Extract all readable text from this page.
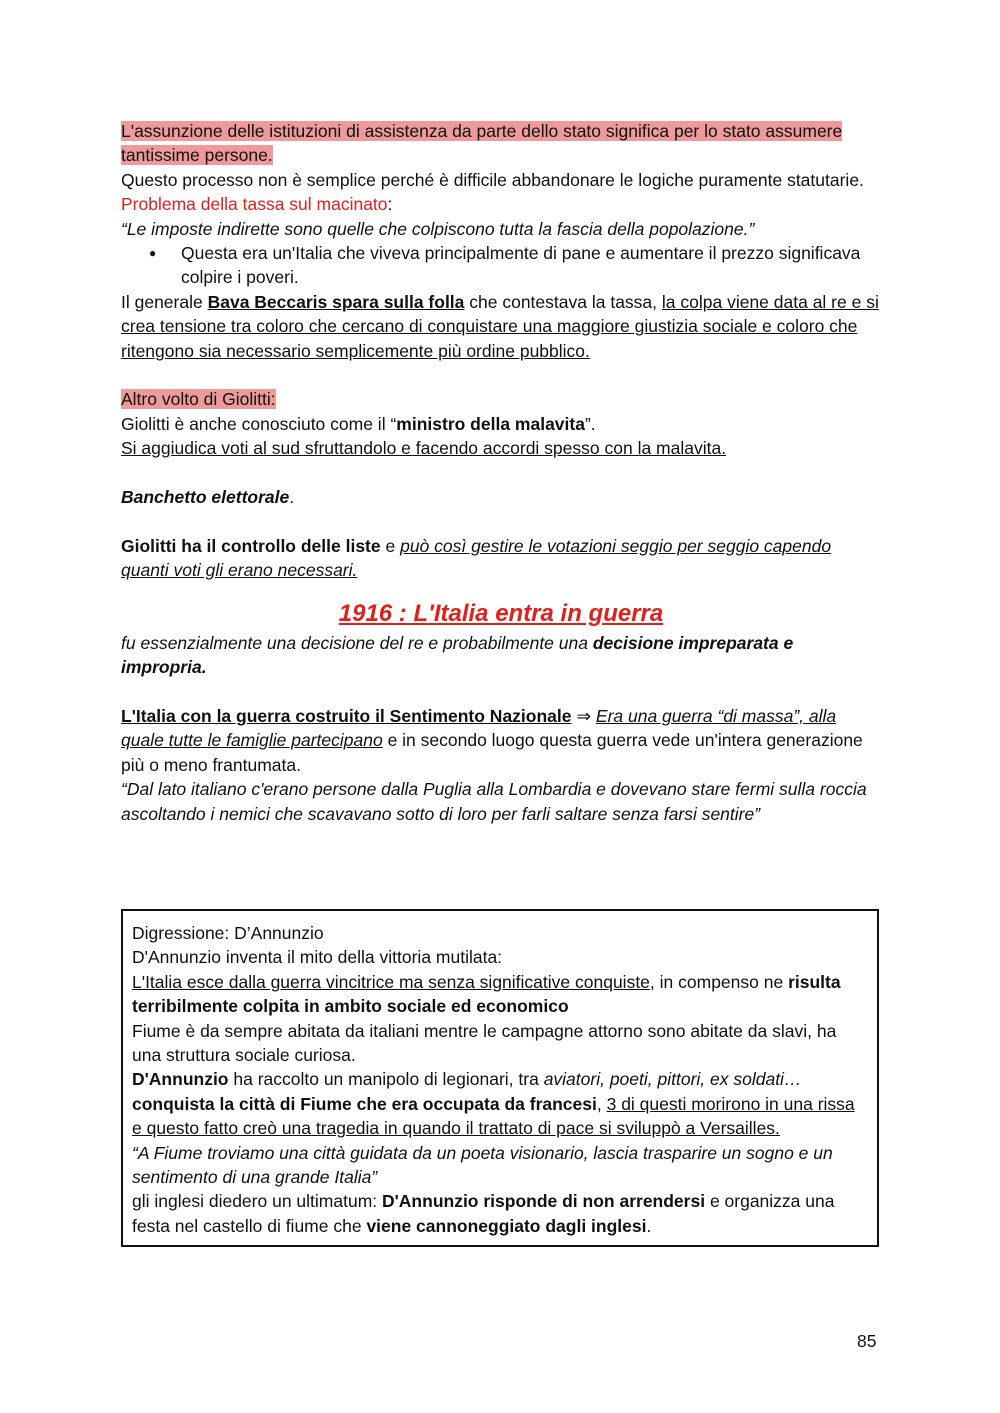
L'assunzione delle istituzioni di assistenza da parte dello stato significa per lo stato assumere tantissime persone.

Questo processo non è semplice perché è difficile abbandonare le logiche puramente statutarie.

Problema della tassa sul macinato:

“Le imposte indirette sono quelle che colpiscono tutta la fascia della popolazione.”

● Questa era un'Italia che viveva principalmente di pane e aumentare il prezzo significava colpire i poveri.

Il generale Bava Beccaris spara sulla folla che contestava la tassa, la colpa viene data al re e si crea tensione tra coloro che cercano di conquistare una maggiore giustizia sociale e coloro che ritengono sia necessario semplicemente più ordine pubblico.

Altro volto di Giolitti:

Giolitti è anche conosciuto come il “ministro della malavita”.

Si aggiudica voti al sud sfruttandolo e facendo accordi spesso con la malavita.

Banchetto elettorale.

Giolitti ha il controllo delle liste e può così gestire le votazioni seggio per seggio capendo quanti voti gli erano necessari.

1916 : L'Italia entra in guerra

fu essenzialmente una decisione del re e probabilmente una decisione impreparata e impropria.

L'Italia con la guerra costruito il Sentimento Nazionale ⇒ Era una guerra “di massa”, alla quale tutte le famiglie partecipano e in secondo luogo questa guerra vede un'intera generazione più o meno frantumata.

“Dal lato italiano c'erano persone dalla Puglia alla Lombardia e dovevano stare fermi sulla roccia ascoltando i nemici che scavavano sotto di loro per farli saltare senza farsi sentire”

Digressione: D’Annunzio

D'Annunzio inventa il mito della vittoria mutilata:

L'Italia esce dalla guerra vincitrice ma senza significative conquiste, in compenso ne risulta terribilmente colpita in ambito sociale ed economico

Fiume è da sempre abitata da italiani mentre le campagne attorno sono abitate da slavi, ha una struttura sociale curiosa.

D'Annunzio ha raccolto un manipolo di legionari, tra aviatori, poeti, pittori, ex soldati… conquista la città di Fiume che era occupata da francesi, 3 di questi morirono in una rissa e questo fatto creò una tragedia in quando il trattato di pace si sviluppò a Versailles.

“A Fiume troviamo una città guidata da un poeta visionario, lascia trasparire un sogno e un sentimento di una grande Italia”

gli inglesi diedero un ultimatum: D'Annunzio risponde di non arrendersi e organizza una festa nel castello di fiume che viene cannoneggiato dagli inglesi.

85
